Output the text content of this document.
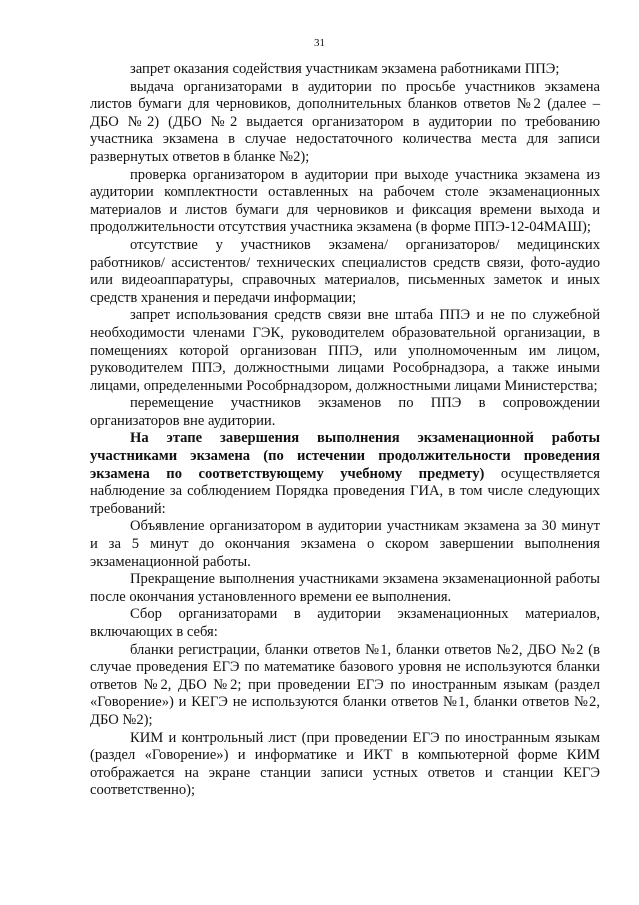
31

запрет оказания содействия участникам экзамена работниками ППЭ;

выдача организаторами в аудитории по просьбе участников экзамена листов бумаги для черновиков, дополнительных бланков ответов №2 (далее – ДБО №2) (ДБО №2 выдается организатором в аудитории по требованию участника экзамена в случае недостаточного количества места для записи развернутых ответов в бланке №2);

проверка организатором в аудитории при выходе участника экзамена из аудитории комплектности оставленных на рабочем столе экзаменационных материалов и листов бумаги для черновиков и фиксация времени выхода и продолжительности отсутствия участника экзамена (в форме ППЭ-12-04МАШ);

отсутствие у участников экзамена/ организаторов/ медицинских работников/ ассистентов/ технических специалистов средств связи, фото-аудио или видеоаппаратуры, справочных материалов, письменных заметок и иных средств хранения и передачи информации;

запрет использования средств связи вне штаба ППЭ и не по служебной необходимости членами ГЭК, руководителем образовательной организации, в помещениях которой организован ППЭ, или уполномоченным им лицом, руководителем ППЭ, должностными лицами Рособрнадзора, а также иными лицами, определенными Рособрнадзором, должностными лицами Министерства;

перемещение участников экзаменов по ППЭ в сопровождении организаторов вне аудитории.

На этапе завершения выполнения экзаменационной работы участниками экзамена (по истечении продолжительности проведения экзамена по соответствующему учебному предмету) осуществляется наблюдение за соблюдением Порядка проведения ГИА, в том числе следующих требований:

Объявление организатором в аудитории участникам экзамена за 30 минут и за 5 минут до окончания экзамена о скором завершении выполнения экзаменационной работы.

Прекращение выполнения участниками экзамена экзаменационной работы после окончания установленного времени ее выполнения.

Сбор организаторами в аудитории экзаменационных материалов, включающих в себя:

бланки регистрации, бланки ответов №1, бланки ответов №2, ДБО №2 (в случае проведения ЕГЭ по математике базового уровня не используются бланки ответов №2, ДБО №2; при проведении ЕГЭ по иностранным языкам (раздел «Говорение») и КЕГЭ не используются бланки ответов №1, бланки ответов №2, ДБО №2);

КИМ и контрольный лист (при проведении ЕГЭ по иностранным языкам (раздел «Говорение») и информатике и ИКТ в компьютерной форме КИМ отображается на экране станции записи устных ответов и станции КЕГЭ соответственно);
